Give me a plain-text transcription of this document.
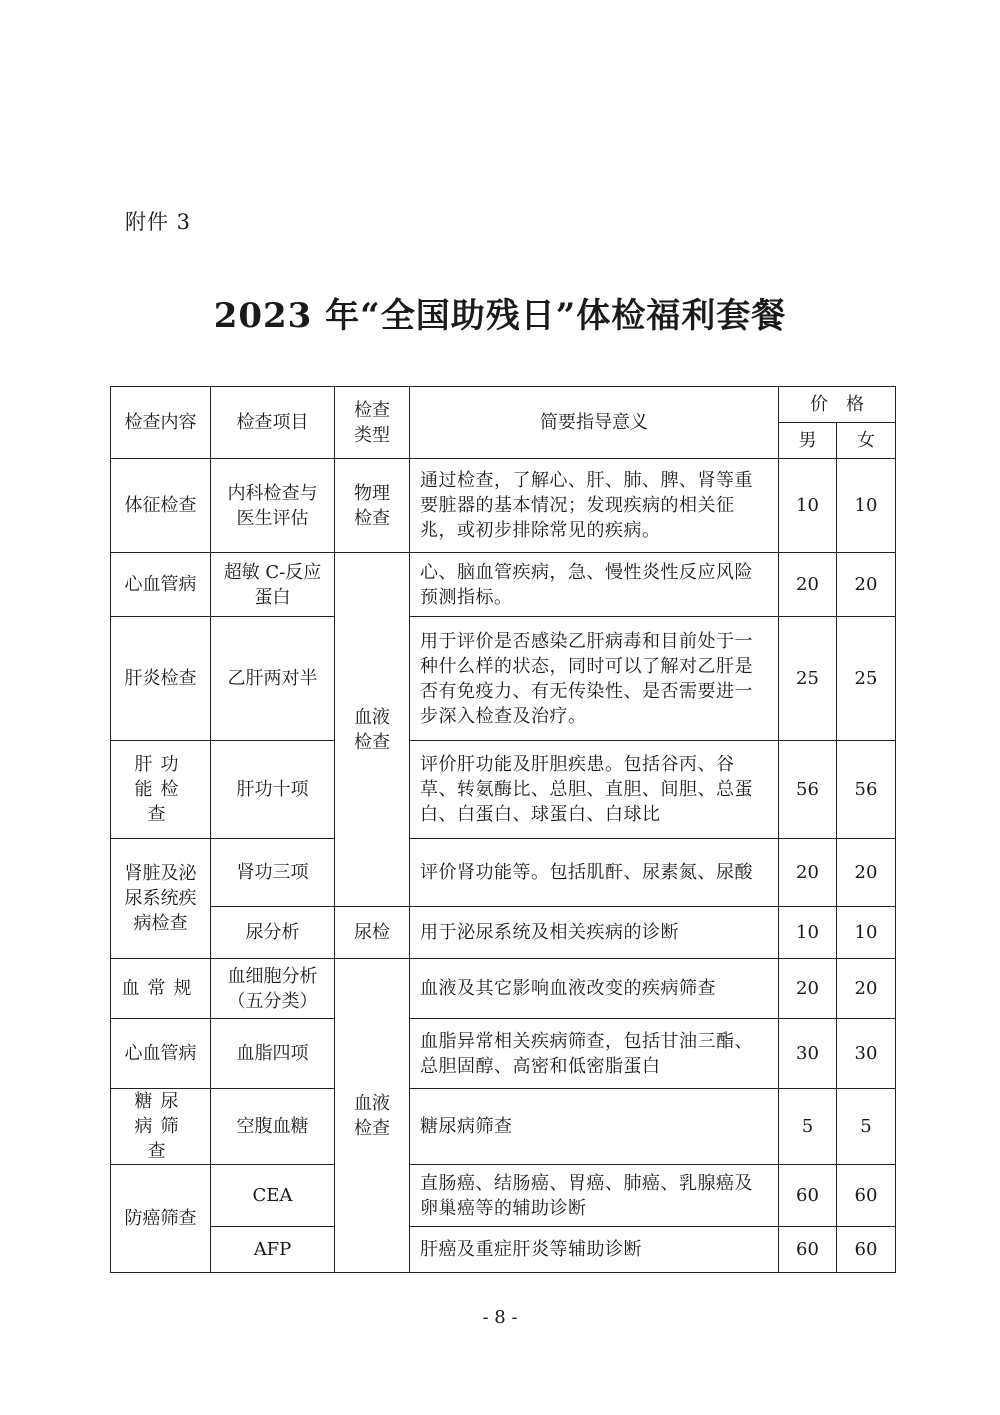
附件 3
2023 年“全国助残日”体检福利套餐
检查内容	检查项目	检查类型	简要指导意义	价　格	
				男	女
体征检查	内科检查与医生评估	物理检查	通过检查，了解心、肝、肺、脾、肾等重要脏器的基本情况；发现疾病的相关征兆，或初步排除常见的疾病。	10	10
心血管病	超敏 C-反应蛋白	血液检查	心、脑血管疾病，急、慢性炎性反应风险预测指标。	20	20
肝炎检查	乙肝两对半		用于评价是否感染乙肝病毒和目前处于一种什么样的状态，同时可以了解对乙肝是否有免疫力、有无传染性、是否需要进一步深入检查及治疗。	25	25
肝功能检查	肝功十项		评价肝功能及肝胆疾患。包括谷丙、谷草、转氨酶比、总胆、直胆、间胆、总蛋白、白蛋白、球蛋白、白球比	56	56
肾脏及泌尿系统疾病检查	肾功三项		评价肾功能等。包括肌酐、尿素氮、尿酸	20	20
	尿分析	尿检	用于泌尿系统及相关疾病的诊断	10	10
血常规	血细胞分析（五分类）	血液检查	血液及其它影响血液改变的疾病筛查	20	20
心血管病	血脂四项		血脂异常相关疾病筛查，包括甘油三酯、总胆固醇、高密和低密脂蛋白	30	30
糖尿病筛查	空腹血糖		糖尿病筛查	5	5
防癌筛查	CEA		直肠癌、结肠癌、胃癌、肺癌、乳腺癌及卵巢癌等的辅助诊断	60	60
	AFP		肝癌及重症肝炎等辅助诊断	60	60
- 8 -
